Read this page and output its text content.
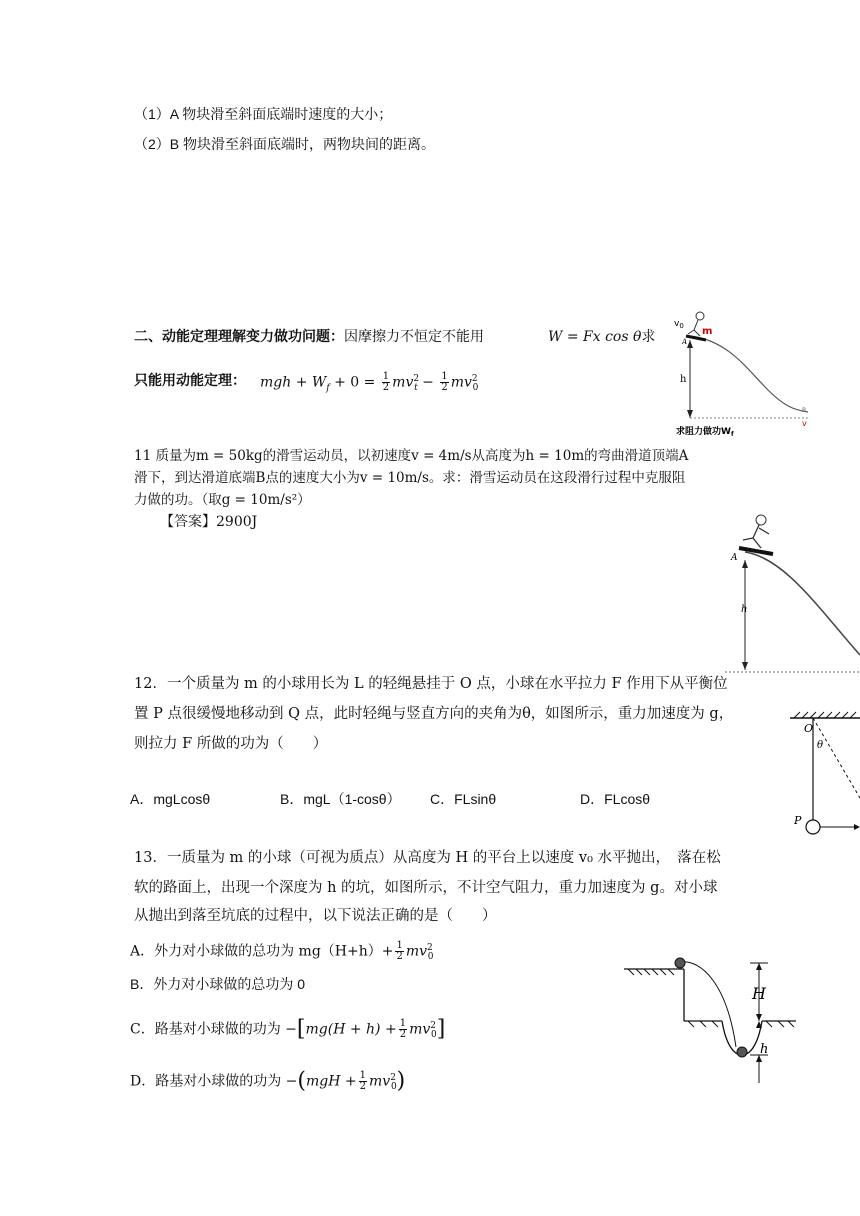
（1）A 物块滑至斜面底端时速度的大小；
（2）B 物块滑至斜面底端时，两物块间的距离。
二、动能定理理解变力做功问题：因摩擦力不恒定不能用	W = Fx cos θ求
只能用动能定理： mgh + $W_f + 0 = \frac{1}{2} mv^2_t - \frac{1}{2} mv^2_0$
$v_0$ m
A
h
B
v
求阻力做功$W_f$
11 质量为m = 50kg的滑雪运动员，以初速度v = 4m/s从高度为h = 10m的弯曲滑道顶端A
滑下，到达滑道底端B点的速度大小为v = 10m/s。求：滑雪运动员在这段滑行过程中克服阻
力做的功。（取g = 10m/s²）
【答案】2900J
A
h
12．一个质量为 m 的小球用长为 L 的轻绳悬挂于 O 点，小球在水平拉力 F 作用下从平衡位
置 P 点很缓慢地移动到 Q 点，此时轻绳与竖直方向的夹角为θ，如图所示，重力加速度为 g，
则拉力 F 所做的功为（　　）
A．mgLcosθ	B．mgL（1-cosθ） C．FLsinθ	D．FLcosθ
O
θ
P
13．一质量为 m 的小球（可视为质点）从高度为 H 的平台上以速度 v₀ 水平抛出，　落在松
软的路面上，出现一个深度为 h 的坑，如图所示，不计空气阻力，重力加速度为 g。对小球
从抛出到落至坑底的过程中，以下说法正确的是（　　）
A．外力对小球做的总功为 $mg(H+h)+ \frac{1}{2} mv^2_0$
B．外力对小球做的总功为 0
C．路基对小球做的功为 $-[mg(H + h) + \frac{1}{2} mv^2_0]$
D．路基对小球做的功为 $-(mgH + \frac{1}{2} mv^2_0)$
H
h
